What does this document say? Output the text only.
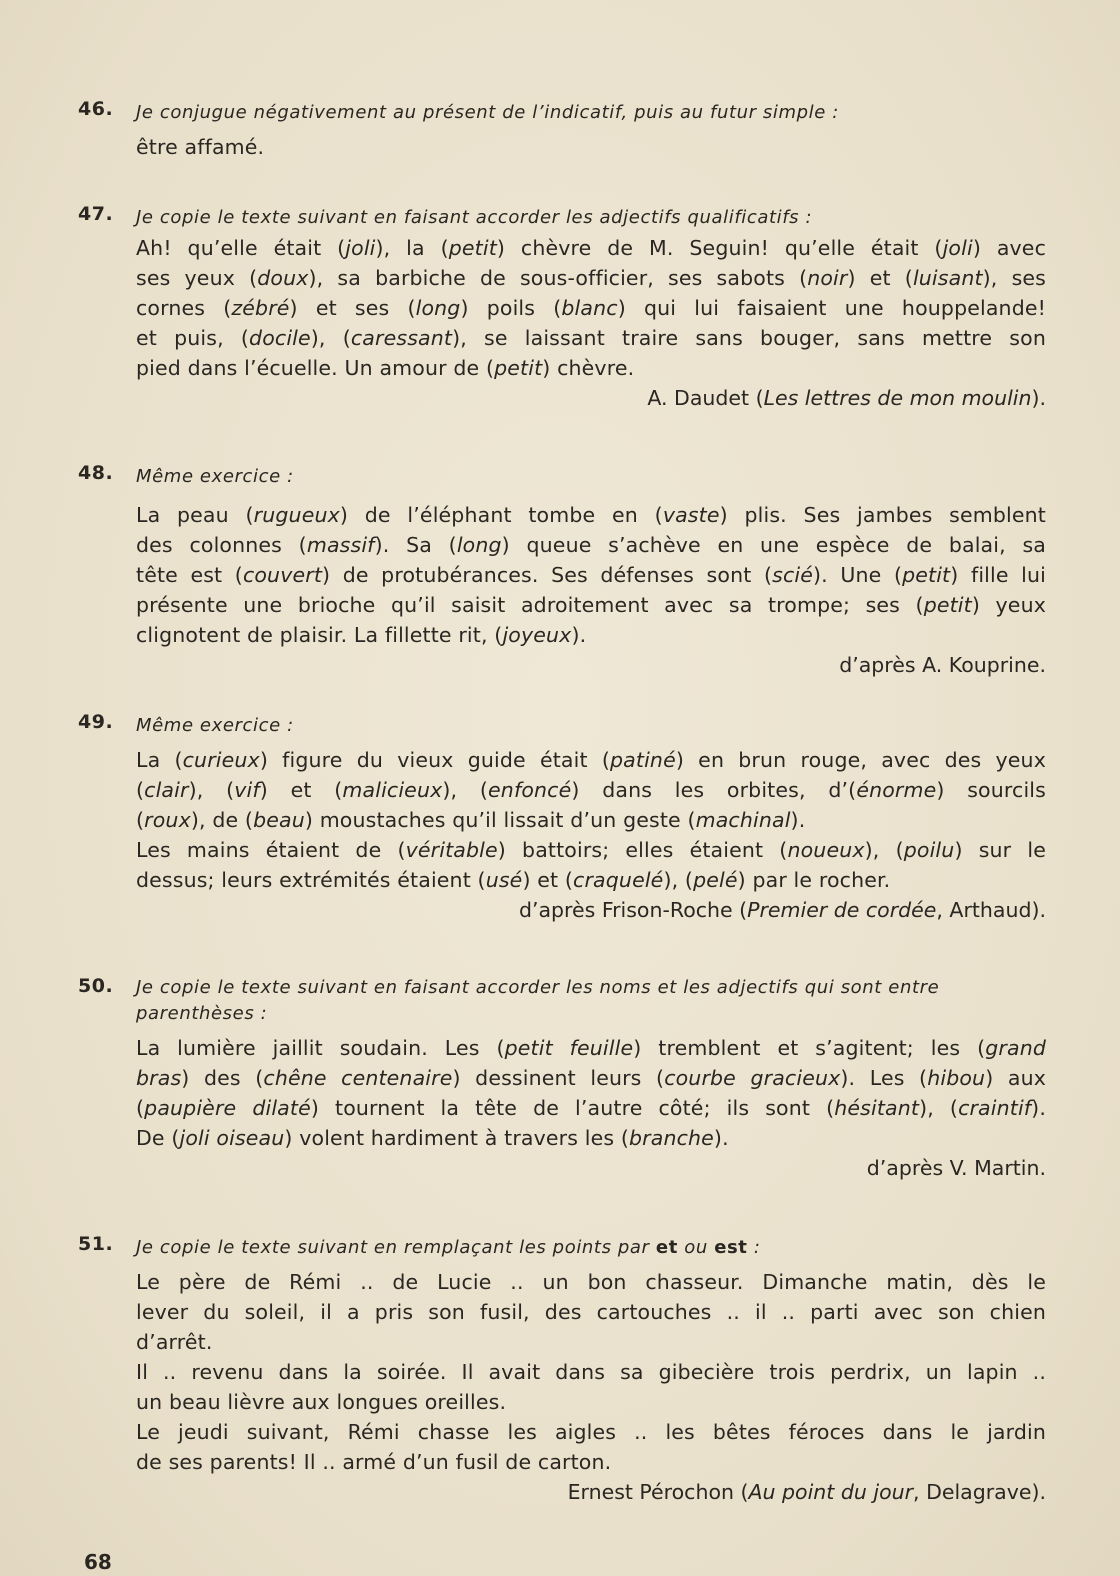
46. Je conjugue négativement au présent de l’indicatif, puis au futur simple :

être affamé.

47. Je copie le texte suivant en faisant accorder les adjectifs qualificatifs :

Ah! qu’elle était (joli), la (petit) chèvre de M. Seguin! qu’elle était (joli) avec

ses yeux (doux), sa barbiche de sous-officier, ses sabots (noir) et (luisant), ses

cornes (zébré) et ses (long) poils (blanc) qui lui faisaient une houppelande!

et puis, (docile), (caressant), se laissant traire sans bouger, sans mettre son

pied dans l’écuelle. Un amour de (petit) chèvre.

A. Daudet (Les lettres de mon moulin).
48. Même exercice :

La peau (rugueux) de l’éléphant tombe en (vaste) plis. Ses jambes semblent

des colonnes (massif). Sa (long) queue s’achève en une espèce de balai, sa

tête est (couvert) de protubérances. Ses défenses sont (scié). Une (petit) fille lui

présente une brioche qu’il saisit adroitement avec sa trompe; ses (petit) yeux

clignotent de plaisir. La fillette rit, (joyeux).

d’après A. Kouprine.
49. Même exercice :

La (curieux) figure du vieux guide était (patiné) en brun rouge, avec des yeux

(clair), (vif) et (malicieux), (enfoncé) dans les orbites, d’(énorme) sourcils

(roux), de (beau) moustaches qu’il lissait d’un geste (machinal).

Les mains étaient de (véritable) battoirs; elles étaient (noueux), (poilu) sur le

dessus; leurs extrémités étaient (usé) et (craquelé), (pelé) par le rocher.

d’après Frison-Roche (Premier de cordée, Arthaud).
50. Je copie le texte suivant en faisant accorder les noms et les adjectifs qui sont entre parenthèses :

La lumière jaillit soudain. Les (petit feuille) tremblent et s’agitent; les (grand

bras) des (chêne centenaire) dessinent leurs (courbe gracieux). Les (hibou) aux

(paupière dilaté) tournent la tête de l’autre côté; ils sont (hésitant), (craintif).

De (joli oiseau) volent hardiment à travers les (branche).

d’après V. Martin.
51. Je copie le texte suivant en remplaçant les points par et ou est :

Le père de Rémi .. de Lucie .. un bon chasseur. Dimanche matin, dès le

lever du soleil, il a pris son fusil, des cartouches .. il .. parti avec son chien

d’arrêt.

Il .. revenu dans la soirée. Il avait dans sa gibecière trois perdrix, un lapin ..

un beau lièvre aux longues oreilles.

Le jeudi suivant, Rémi chasse les aigles .. les bêtes féroces dans le jardin

de ses parents! Il .. armé d’un fusil de carton.

Ernest Pérochon (Au point du jour, Delagrave).
68
